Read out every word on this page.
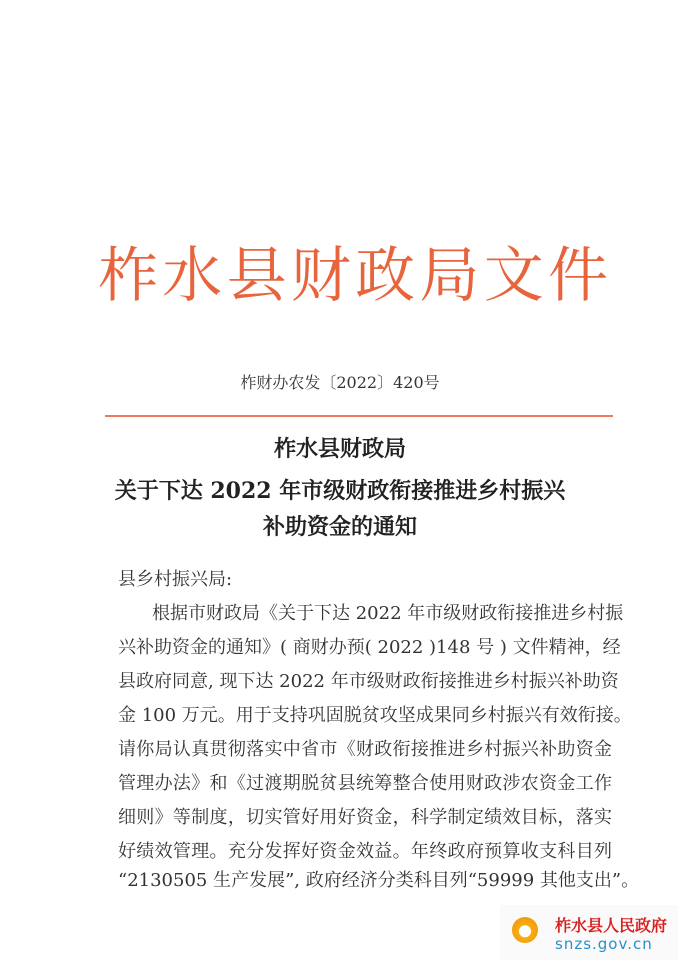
柞 水 县 财 政 局 文 件
柞财办农发〔2022〕420号
柞水县财政局
关于下达 2022 年市级财政衔接推进乡村振兴
补助资金的通知
县乡村振兴局:
根据市财政局《关于下达 2022 年市级财政衔接推进乡村振
兴补助资金的通知》( 商财办预( 2022 )148 号 ) 文件精神，经
县政府同意, 现下达 2022 年市级财政衔接推进乡村振兴补助资
金 100 万元。用于支持巩固脱贫攻坚成果同乡村振兴有效衔接。
请你局认真贯彻落实中省市《财政衔接推进乡村振兴补助资金
管理办法》和《过渡期脱贫县统筹整合使用财政涉农资金工作
细则》等制度，切实管好用好资金，科学制定绩效目标，落实
好绩效管理。充分发挥好资金效益。年终政府预算收支科目列
“2130505 生产发展”, 政府经济分类科目列“59999 其他支出”。
柞水县人民政府
snzs.gov.cn
